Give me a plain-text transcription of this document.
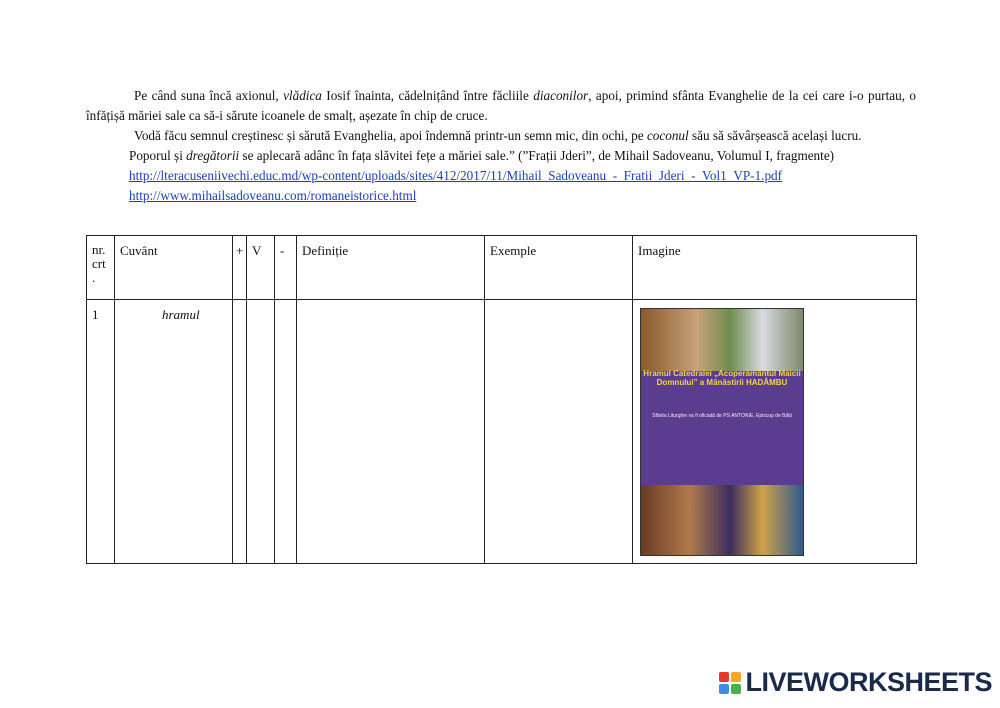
Pe când suna încă axionul, vlădica Iosif înainta, cădelnițând între făcliile diaconilor, apoi, primind sfânta Evanghelie de la cei care i-o purtau, o înfățișă măriei sale ca să-i sărute icoanele de smalț, așezate în chip de cruce.

Vodă făcu semnul creștinesc și sărută Evanghelia, apoi îndemnă printr-un semn mic, din ochi, pe coconul său să săvârșească același lucru.

Poporul și dregătorii se aplecară adânc în fața slăvitei fețe a măriei sale.” (”Frații Jderi”, de Mihail Sadoveanu, Volumul I, fragmente)

http://lteracuseniivechi.educ.md/wp-content/uploads/sites/412/2017/11/Mihail_Sadoveanu_-_Fratii_Jderi_-_Vol1_VP-1.pdf

http://www.mihailsadoveanu.com/romaneistorice.html

nr.
crt
.	Cuvânt	+	V	-	Definiție	Exemple	Imagine
1	hramul						Hramul Catedralei „Acoperământul Maicii Domnului” a Mănăstirii HADÂMBU
Sfânta Liturghie va fi oficiată de PS ANTONIE, Episcop de Bălți
LIVEWORKSHEETS
